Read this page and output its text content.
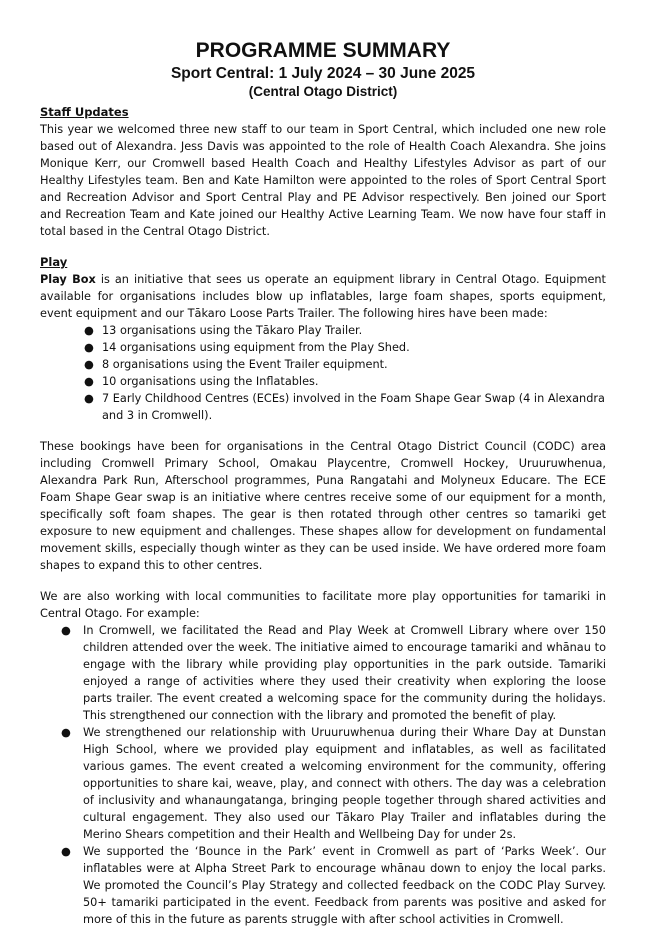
PROGRAMME SUMMARY
Sport Central: 1 July 2024 – 30 June 2025
(Central Otago District)
Staff Updates

This year we welcomed three new staff to our team in Sport Central, which included one new role based out of Alexandra. Jess Davis was appointed to the role of Health Coach Alexandra. She joins Monique Kerr, our Cromwell based Health Coach and Healthy Lifestyles Advisor as part of our Healthy Lifestyles team. Ben and Kate Hamilton were appointed to the roles of Sport Central Sport and Recreation Advisor and Sport Central Play and PE Advisor respectively. Ben joined our Sport and Recreation Team and Kate joined our Healthy Active Learning Team. We now have four staff in total based in the Central Otago District.

Play

Play Box is an initiative that sees us operate an equipment library in Central Otago. Equipment available for organisations includes blow up inflatables, large foam shapes, sports equipment, event equipment and our Tākaro Loose Parts Trailer. The following hires have been made:

● 13 organisations using the Tākaro Play Trailer.
● 14 organisations using equipment from the Play Shed.
● 8 organisations using the Event Trailer equipment.
● 10 organisations using the Inflatables.
● 7 Early Childhood Centres (ECEs) involved in the Foam Shape Gear Swap (4 in Alexandra and 3 in Cromwell).

These bookings have been for organisations in the Central Otago District Council (CODC) area including Cromwell Primary School, Omakau Playcentre, Cromwell Hockey, Uruuruwhenua, Alexandra Park Run, Afterschool programmes, Puna Rangatahi and Molyneux Educare. The ECE Foam Shape Gear swap is an initiative where centres receive some of our equipment for a month, specifically soft foam shapes. The gear is then rotated through other centres so tamariki get exposure to new equipment and challenges. These shapes allow for development on fundamental movement skills, especially though winter as they can be used inside. We have ordered more foam shapes to expand this to other centres.

We are also working with local communities to facilitate more play opportunities for tamariki in Central Otago. For example:

● In Cromwell, we facilitated the Read and Play Week at Cromwell Library where over 150 children attended over the week. The initiative aimed to encourage tamariki and whānau to engage with the library while providing play opportunities in the park outside. Tamariki enjoyed a range of activities where they used their creativity when exploring the loose parts trailer. The event created a welcoming space for the community during the holidays. This strengthened our connection with the library and promoted the benefit of play.
● We strengthened our relationship with Uruuruwhenua during their Whare Day at Dunstan High School, where we provided play equipment and inflatables, as well as facilitated various games. The event created a welcoming environment for the community, offering opportunities to share kai, weave, play, and connect with others. The day was a celebration of inclusivity and whanaungatanga, bringing people together through shared activities and cultural engagement. They also used our Tākaro Play Trailer and inflatables during the Merino Shears competition and their Health and Wellbeing Day for under 2s.
● We supported the ‘Bounce in the Park’ event in Cromwell as part of ‘Parks Week’. Our inflatables were at Alpha Street Park to encourage whānau down to enjoy the local parks. We promoted the Council’s Play Strategy and collected feedback on the CODC Play Survey. 50+ tamariki participated in the event. Feedback from parents was positive and asked for more of this in the future as parents struggle with after school activities in Cromwell.
